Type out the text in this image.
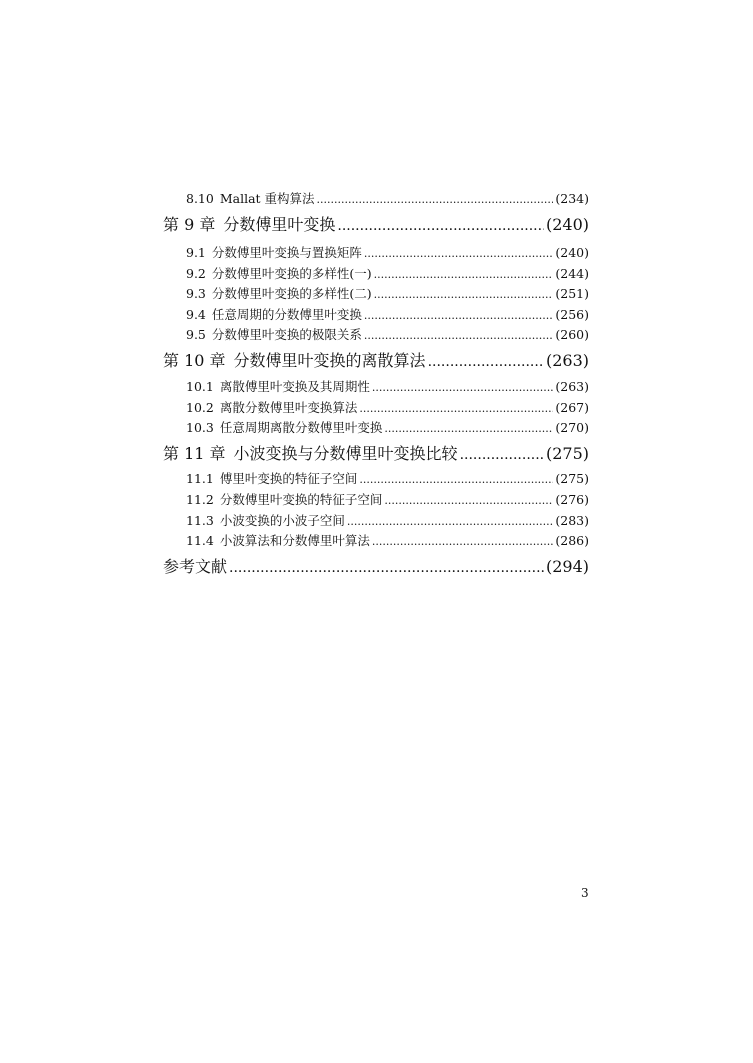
8.10 Mallat 重构算法 .....	(234)
第 9 章 分数傅里叶变换 .....	(240)
9.1 分数傅里叶变换与置换矩阵 .....	(240)
9.2 分数傅里叶变换的多样性(一) .....	(244)
9.3 分数傅里叶变换的多样性(二) .....	(251)
9.4 任意周期的分数傅里叶变换 .....	(256)
9.5 分数傅里叶变换的极限关系 .....	(260)
第 10 章 分数傅里叶变换的离散算法 .....	(263)
10.1 离散傅里叶变换及其周期性 .....	(263)
10.2 离散分数傅里叶变换算法 .....	(267)
10.3 任意周期离散分数傅里叶变换 .....	(270)
第 11 章 小波变换与分数傅里叶变换比较 .....	(275)
11.1 傅里叶变换的特征子空间 .....	(275)
11.2 分数傅里叶变换的特征子空间 .....	(276)
11.3 小波变换的小波子空间 .....	(283)
11.4 小波算法和分数傅里叶算法 .....	(286)
参考文献 .....	(294)
3
